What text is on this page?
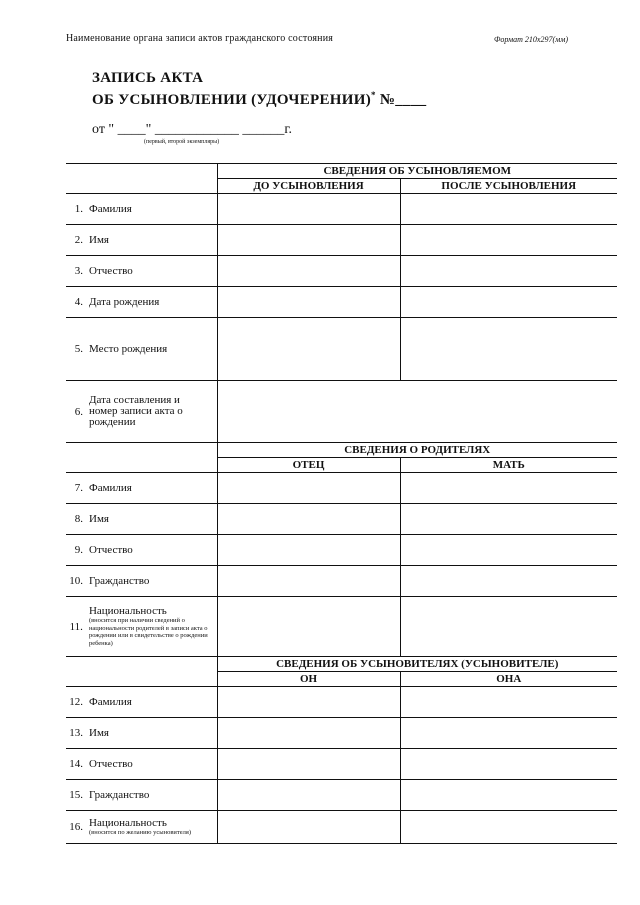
Наименование органа записи актов гражданского состояния	Формат 210x297(мм)
ЗАПИСЬ АКТА
ОБ УСЫНОВЛЕНИИ (УДОЧЕРЕНИИ)* №____
от " ____" ____________ ______г.
(первый, второй экземпляры)
	СВЕДЕНИЯ ОБ УСЫНОВЛЯЕМОМ	
	ДО УСЫНОВЛЕНИЯ	ПОСЛЕ УСЫНОВЛЕНИЯ
1. Фамилия		
2. Имя		
3. Отчество		
4. Дата рождения		
5. Место рождения		

6.
Дата составления и номер записи акта о рождении		

	СВЕДЕНИЯ О РОДИТЕЛЯХ	
	ОТЕЦ	МАТЬ
7. Фамилия		
8. Имя		
9. Отчество		
10. Гражданство		

11.
Национальность
(вносится при наличии сведений о национальности родителей в записи акта о рождении или в свидетельстве о рождении ребенка)		

	СВЕДЕНИЯ ОБ УСЫНОВИТЕЛЯХ (УСЫНОВИТЕЛЕ)	
	ОН	ОНА
12. Фамилия		
13. Имя		
14. Отчество		
15. Гражданство		

16. Национальность
(вносится по желанию усыновителя)		
